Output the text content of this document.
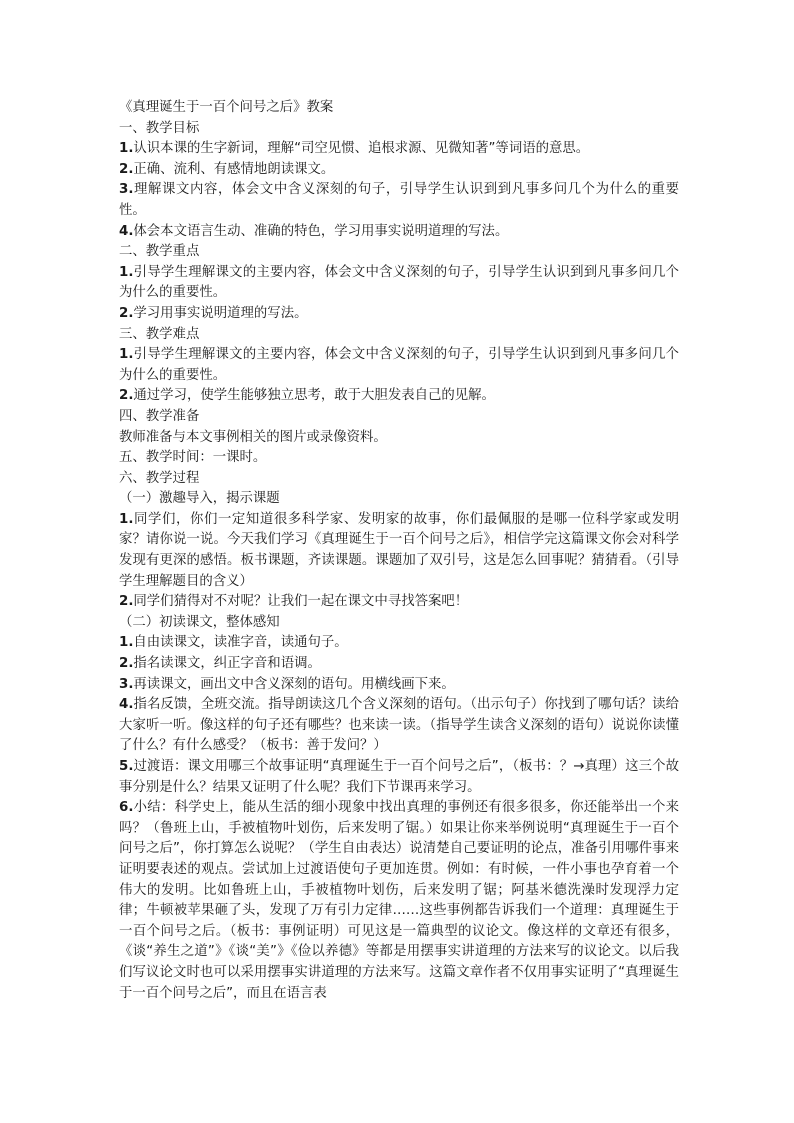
《真理诞生于一百个问号之后》教案

一、教学目标

1.认识本课的生字新词，理解“司空见惯、追根求源、见微知著”等词语的意思。

2.正确、流利、有感情地朗读课文。

3.理解课文内容，体会文中含义深刻的句子，引导学生认识到到凡事多问几个为什么的重要性。

4.体会本文语言生动、准确的特色，学习用事实说明道理的写法。

二、教学重点

1.引导学生理解课文的主要内容，体会文中含义深刻的句子，引导学生认识到到凡事多问几个为什么的重要性。

2.学习用事实说明道理的写法。

三、教学难点

1.引导学生理解课文的主要内容，体会文中含义深刻的句子，引导学生认识到到凡事多问几个为什么的重要性。

2.通过学习，使学生能够独立思考，敢于大胆发表自己的见解。

四、教学准备

教师准备与本文事例相关的图片或录像资料。

五、教学时间：一课时。

六、教学过程

（一）激趣导入，揭示课题

1.同学们，你们一定知道很多科学家、发明家的故事，你们最佩服的是哪一位科学家或发明家？请你说一说。今天我们学习《真理诞生于一百个问号之后》，相信学完这篇课文你会对科学发现有更深的感悟。板书课题，齐读课题。课题加了双引号，这是怎么回事呢？猜猜看。（引导学生理解题目的含义）

2.同学们猜得对不对呢？让我们一起在课文中寻找答案吧！

（二）初读课文，整体感知

1.自由读课文，读准字音，读通句子。

2.指名读课文，纠正字音和语调。

3.再读课文，画出文中含义深刻的语句。用横线画下来。

4.指名反馈，全班交流。指导朗读这几个含义深刻的语句。（出示句子）你找到了哪句话？读给大家听一听。像这样的句子还有哪些？也来读一读。（指导学生读含义深刻的语句）说说你读懂了什么？有什么感受？（板书：善于发问？）

5.过渡语：课文用哪三个故事证明“真理诞生于一百个问号之后”，（板书：？→真理）这三个故事分别是什么？结果又证明了什么呢？我们下节课再来学习。

6.小结：科学史上，能从生活的细小现象中找出真理的事例还有很多很多，你还能举出一个来吗？（鲁班上山，手被植物叶划伤，后来发明了锯。）如果让你来举例说明“真理诞生于一百个问号之后”，你打算怎么说呢？（学生自由表达）说清楚自己要证明的论点，准备引用哪件事来证明要表述的观点。尝试加上过渡语使句子更加连贯。例如：有时候，一件小事也孕育着一个伟大的发明。比如鲁班上山，手被植物叶划伤，后来发明了锯；阿基米德洗澡时发现浮力定律；牛顿被苹果砸了头，发现了万有引力定律……这些事例都告诉我们一个道理：真理诞生于一百个问号之后。（板书：事例证明）可见这是一篇典型的议论文。像这样的文章还有很多，《谈“养生之道”》《谈“美”》《俭以养德》等都是用摆事实讲道理的方法来写的议论文。以后我们写议论文时也可以采用摆事实讲道理的方法来写。这篇文章作者不仅用事实证明了“真理诞生于一百个问号之后”，而且在语言表
